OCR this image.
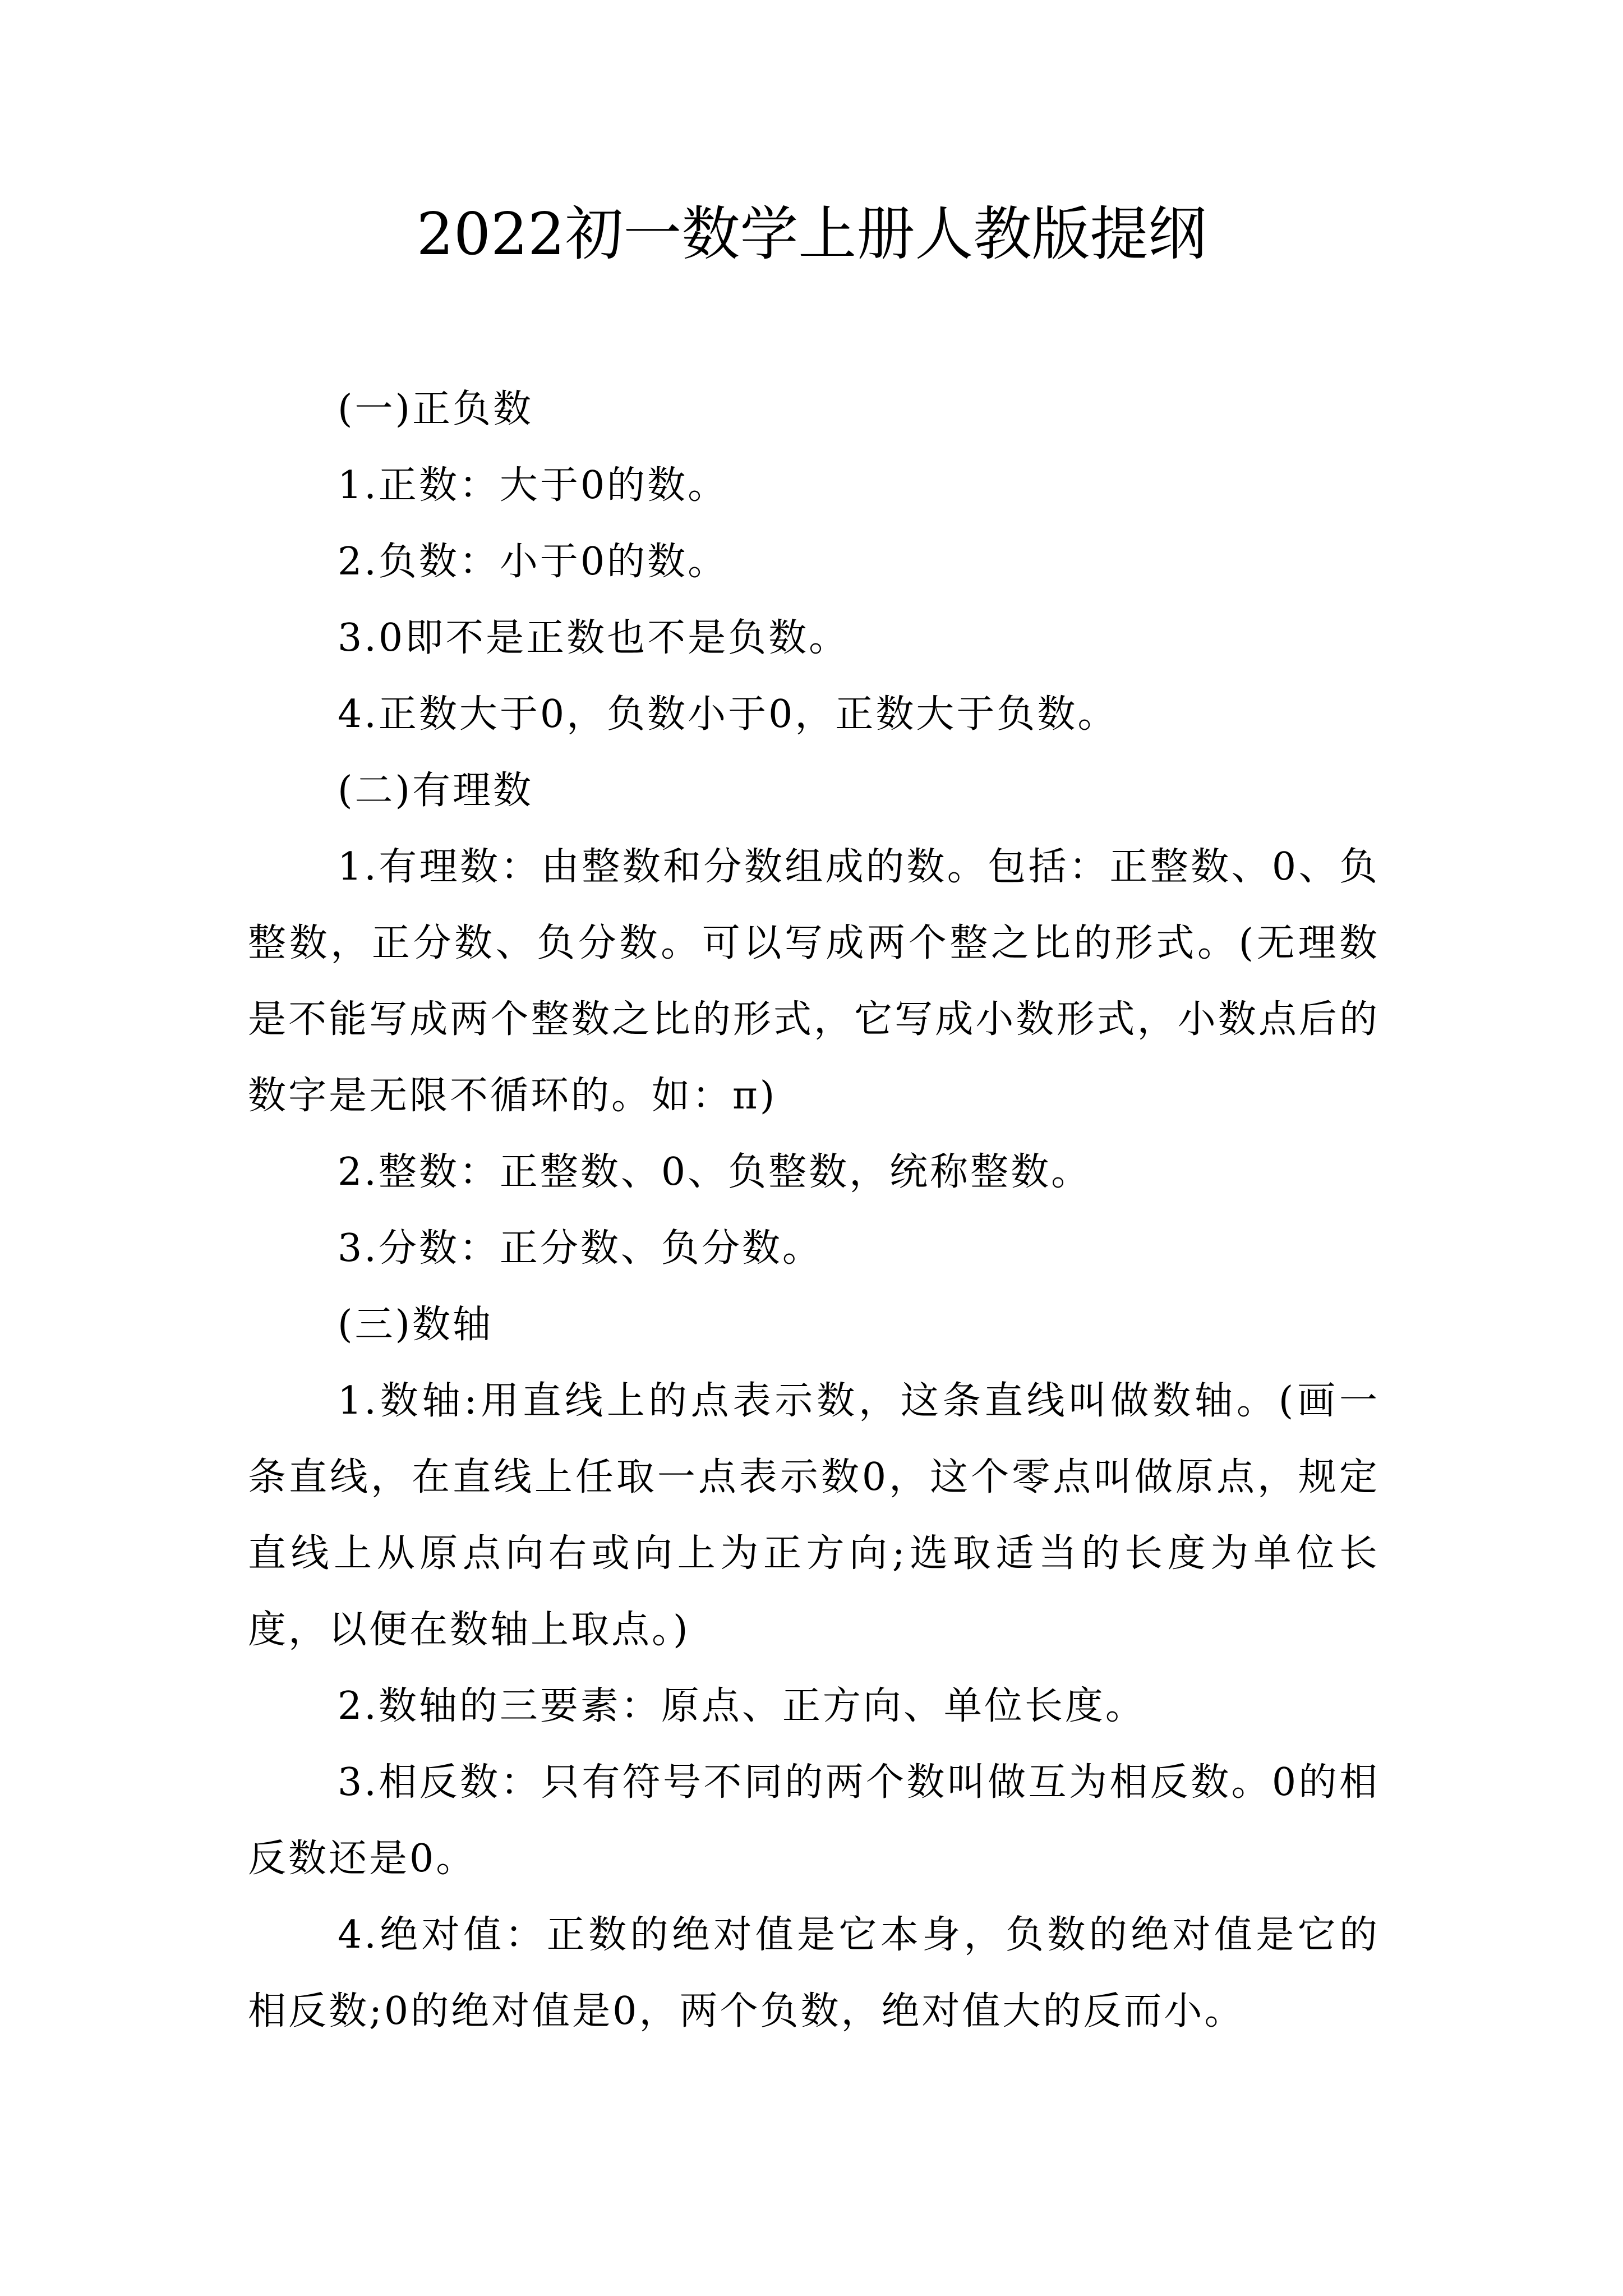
2022初一数学上册人教版提纲

(一)正负数

1.正数：大于0的数。

2.负数：小于0的数。

3.0即不是正数也不是负数。

4.正数大于0，负数小于0，正数大于负数。

(二)有理数

1.有理数：由整数和分数组成的数。包括：正整数、0、负整数，正分数、负分数。可以写成两个整之比的形式。(无理数是不能写成两个整数之比的形式，它写成小数形式，小数点后的数字是无限不循环的。如：π)

2.整数：正整数、0、负整数，统称整数。

3.分数：正分数、负分数。

(三)数轴

1.数轴:用直线上的点表示数，这条直线叫做数轴。(画一条直线，在直线上任取一点表示数0，这个零点叫做原点，规定直线上从原点向右或向上为正方向;选取适当的长度为单位长度，以便在数轴上取点。)

2.数轴的三要素：原点、正方向、单位长度。

3.相反数：只有符号不同的两个数叫做互为相反数。0的相反数还是0。

4.绝对值：正数的绝对值是它本身，负数的绝对值是它的相反数;0的绝对值是0，两个负数，绝对值大的反而小。
